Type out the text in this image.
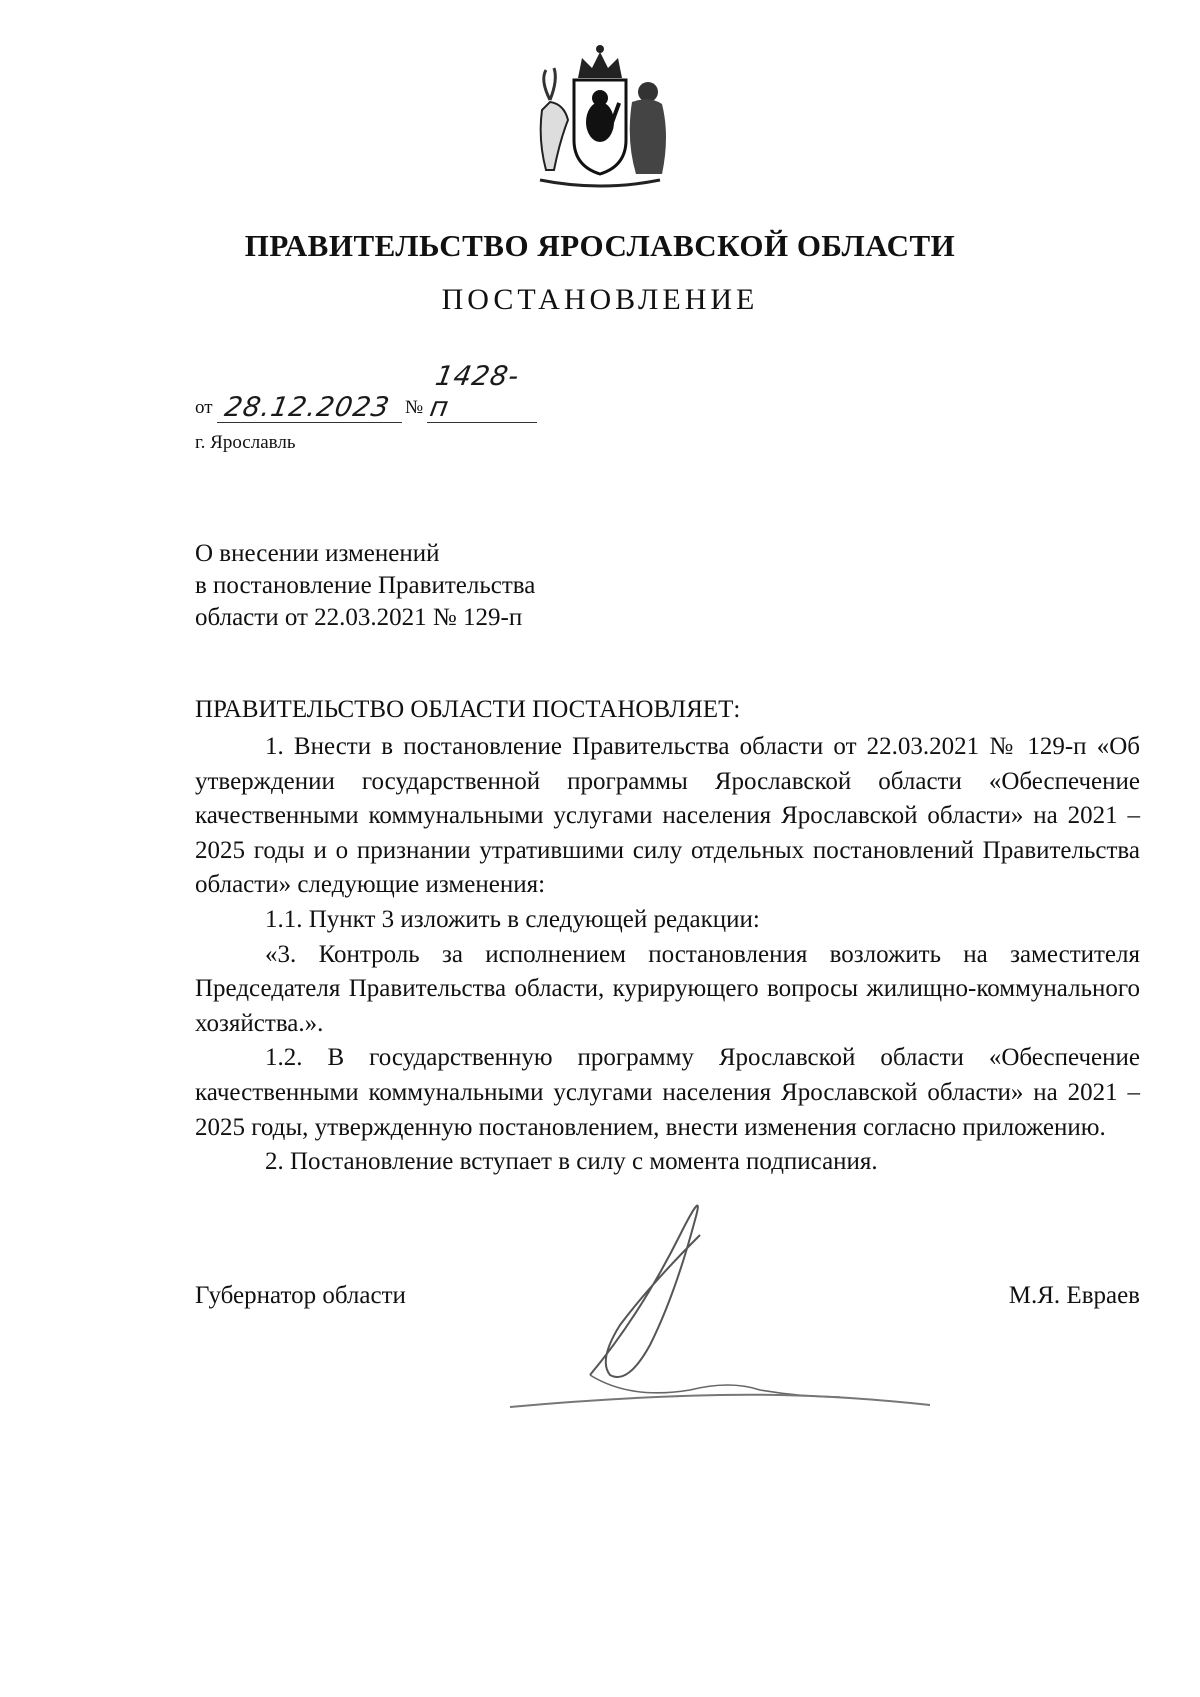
ПРАВИТЕЛЬСТВО ЯРОСЛАВСКОЙ ОБЛАСТИ
ПОСТАНОВЛЕНИЕ
от 28.12.2023 №
1428-п
г. Ярославль
О внесении изменений
в постановление Правительства
области от 22.03.2021 № 129-п
ПРАВИТЕЛЬСТВО ОБЛАСТИ ПОСТАНОВЛЯЕТ:

1. Внести в постановление Правительства области от 22.03.2021 № 129-п «Об утверждении государственной программы Ярославской области «Обеспечение качественными коммунальными услугами населения Ярославской области» на 2021 – 2025 годы и о признании утратившими силу отдельных постановлений Правительства области» следующие изменения:

1.1. Пункт 3 изложить в следующей редакции:

«3. Контроль за исполнением постановления возложить на заместителя Председателя Правительства области, курирующего вопросы жилищно-коммунального хозяйства.».

1.2. В государственную программу Ярославской области «Обеспечение качественными коммунальными услугами населения Ярославской области» на 2021 – 2025 годы, утвержденную постановлением, внести изменения согласно приложению.

2. Постановление вступает в силу с момента подписания.

Губернатор области	М.Я. Евраев
